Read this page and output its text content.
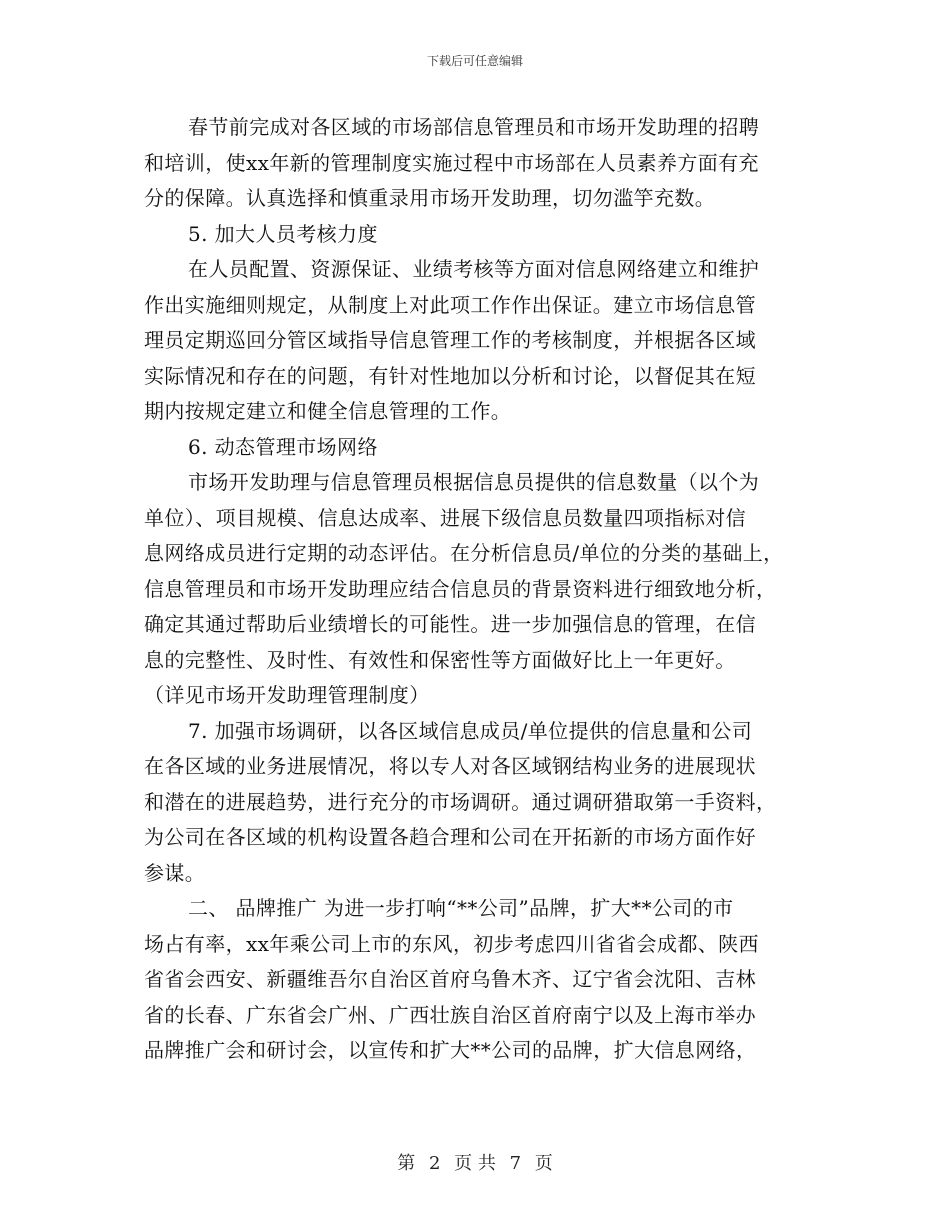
下载后可任意编辑
春节前完成对各区域的市场部信息管理员和市场开发助理的招聘
和培训，使xx年新的管理制度实施过程中市场部在人员素养方面有充
分的保障。认真选择和慎重录用市场开发助理，切勿滥竽充数。
5. 加大人员考核力度
在人员配置、资源保证、业绩考核等方面对信息网络建立和维护
作出实施细则规定，从制度上对此项工作作出保证。建立市场信息管
理员定期巡回分管区域指导信息管理工作的考核制度，并根据各区域
实际情况和存在的问题，有针对性地加以分析和讨论，以督促其在短
期内按规定建立和健全信息管理的工作。
6. 动态管理市场网络
市场开发助理与信息管理员根据信息员提供的信息数量（以个为
单位）、项目规模、信息达成率、进展下级信息员数量四项指标对信
息网络成员进行定期的动态评估。在分析信息员/单位的分类的基础上，
信息管理员和市场开发助理应结合信息员的背景资料进行细致地分析，
确定其通过帮助后业绩增长的可能性。进一步加强信息的管理，在信
息的完整性、及时性、有效性和保密性等方面做好比上一年更好。
（详见市场开发助理管理制度）
7. 加强市场调研，以各区域信息成员/单位提供的信息量和公司
在各区域的业务进展情况，将以专人对各区域钢结构业务的进展现状
和潜在的进展趋势，进行充分的市场调研。通过调研猎取第一手资料，
为公司在各区域的机构设置各趋合理和公司在开拓新的市场方面作好
参谋。
二、 品牌推广 为进一步打响“**公司”品牌，扩大**公司的市
场占有率，xx年乘公司上市的东风，初步考虑四川省省会成都、陕西
省省会西安、新疆维吾尔自治区首府乌鲁木齐、辽宁省会沈阳、吉林
省的长春、广东省会广州、广西壮族自治区首府南宁以及上海市举办
品牌推广会和研讨会，以宣传和扩大**公司的品牌，扩大信息网络，
第 2 页 共 7 页
